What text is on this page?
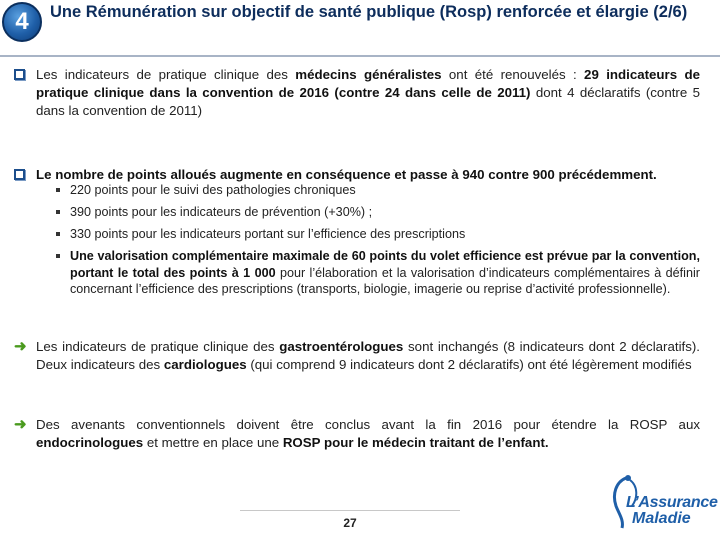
4	Une Rémunération sur objectif de santé publique (Rosp) renforcée et élargie (2/6)
Les indicateurs de pratique clinique des médecins généralistes ont été renouvelés : 29 indicateurs de pratique clinique dans la convention de 2016 (contre 24 dans celle de 2011) dont 4 déclaratifs (contre 5 dans la convention de 2011)
Le nombre de points alloués augmente en conséquence et passe à 940 contre 900 précédemment.
220 points pour le suivi des pathologies chroniques
390 points pour les indicateurs de prévention (+30%) ;
330 points pour les indicateurs portant sur l’efficience des prescriptions
Une valorisation complémentaire maximale de 60 points du volet efficience est prévue par la convention, portant le total des points à 1 000 pour l’élaboration et la valorisation d’indicateurs complémentaires à définir concernant l’efficience des prescriptions (transports, biologie, imagerie ou reprise d’activité professionnelle).
➜ Les indicateurs de pratique clinique des gastroentérologues sont inchangés (8 indicateurs dont 2 déclaratifs). Deux indicateurs des cardiologues (qui comprend 9 indicateurs dont 2 déclaratifs) ont été légèrement modifiés
➜ Des avenants conventionnels doivent être conclus avant la fin 2016 pour étendre la ROSP aux endocrinologues et mettre en place une ROSP pour le médecin traitant de l’enfant.
27
L’Assurance
Maladie
